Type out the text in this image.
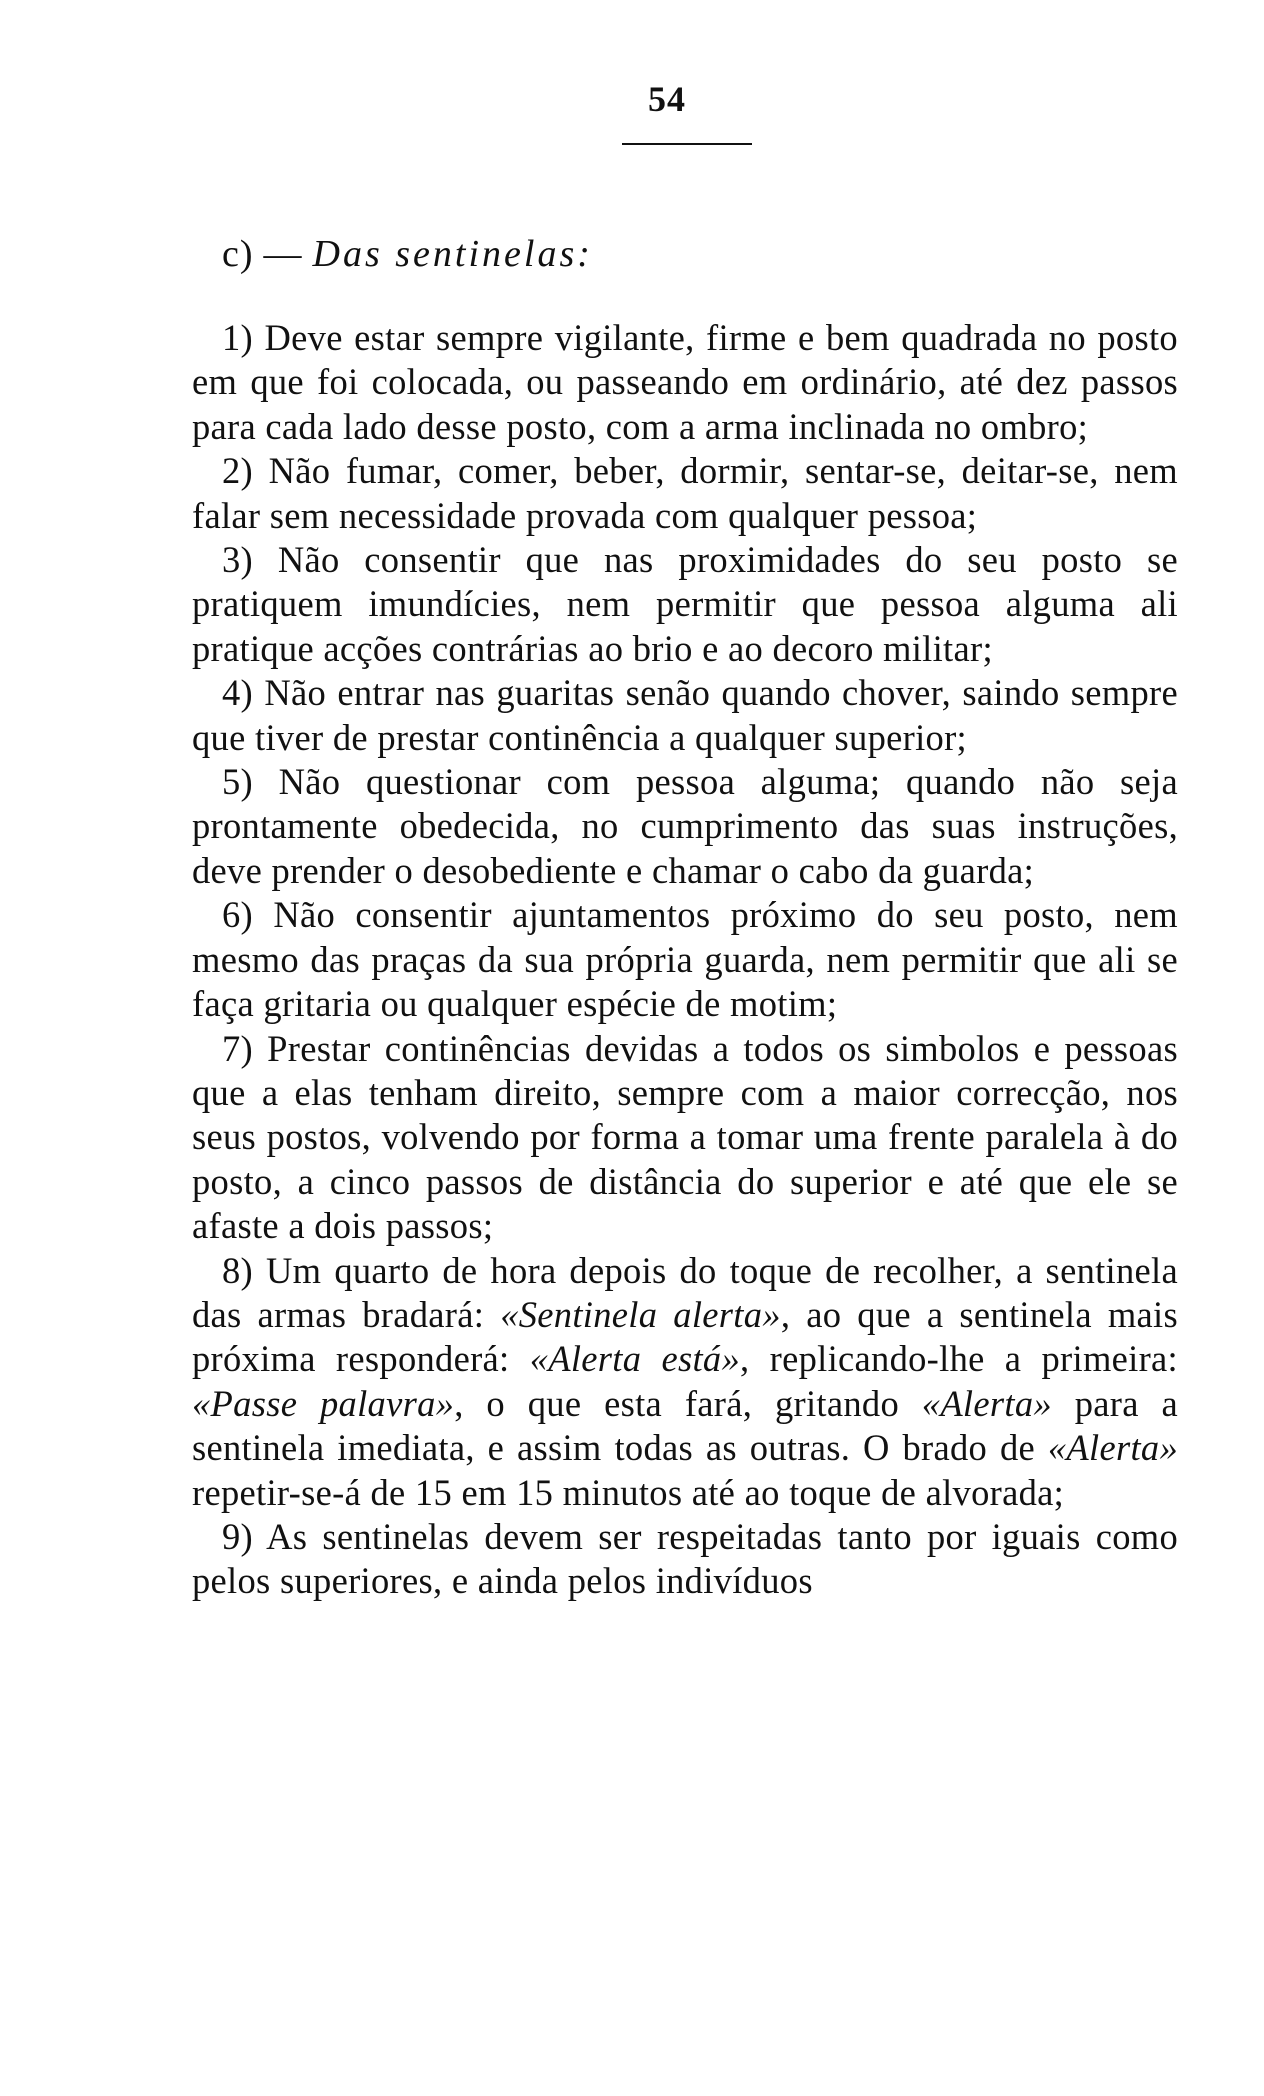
54
c) — Das sentinelas:

1) Deve estar sempre vigilante, firme e bem quadrada no posto em que foi colocada, ou passeando em ordinário, até dez passos para cada lado desse posto, com a arma inclinada no ombro;

2) Não fumar, comer, beber, dormir, sentar-se, deitar-se, nem falar sem necessidade provada com qualquer pessoa;

3) Não consentir que nas proximidades do seu posto se pratiquem imundícies, nem permitir que pessoa alguma ali pratique acções contrárias ao brio e ao decoro militar;

4) Não entrar nas guaritas senão quando chover, saindo sempre que tiver de prestar continência a qualquer superior;

5) Não questionar com pessoa alguma; quando não seja prontamente obedecida, no cumprimento das suas instruções, deve prender o desobediente e chamar o cabo da guarda;

6) Não consentir ajuntamentos próximo do seu posto, nem mesmo das praças da sua própria guarda, nem permitir que ali se faça gritaria ou qualquer espécie de motim;

7) Prestar continências devidas a todos os simbolos e pessoas que a elas tenham direito, sempre com a maior correcção, nos seus postos, volvendo por forma a tomar uma frente paralela à do posto, a cinco passos de distância do superior e até que ele se afaste a dois passos;

8) Um quarto de hora depois do toque de recolher, a sentinela das armas bradará: «Sentinela alerta», ao que a sentinela mais próxima responderá: «Alerta está», replicando-lhe a primeira: «Passe palavra», o que esta fará, gritando «Alerta» para a sentinela imediata, e assim todas as outras. O brado de «Alerta» repetir-se-á de 15 em 15 minutos até ao toque de alvorada;

9) As sentinelas devem ser respeitadas tanto por iguais como pelos superiores, e ainda pelos indivíduos
